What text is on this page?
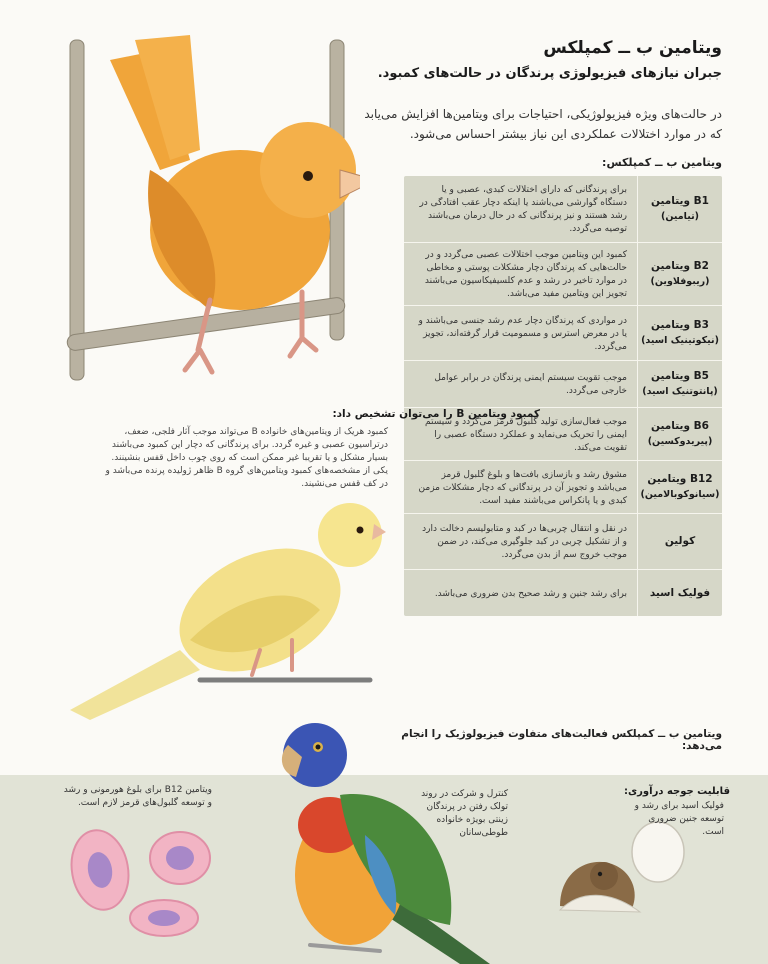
ویتامین ب ــ کمپلکس
جبران نیازهای فیزیولوژی پرندگان در حالت‌های کمبود.
در حالت‌های ویژه فیزیولوژیکی، احتیاجات برای ویتامین‌ها افزایش می‌یابد که در موارد اختلالات عملکردی این نیاز بیشتر احساس می‌شود.
ویتامین ب ــ کمپلکس:
برای پرندگانی که دارای اختلالات کبدی، عصبی و یا دستگاه گوارشی می‌باشند یا اینکه دچار عقب افتادگی در رشد هستند و نیز پرندگانی که در حال درمان می‌باشند توصیه می‌گردد.
ویتامین B1
(تیامین)
کمبود این ویتامین موجب اختلالات عصبی می‌گردد و در حالت‌هایی که پرندگان دچار مشکلات پوستی و مخاطی در موارد تاخیر در رشد و عدم کلسیفیکاسیون می‌باشند تجویز این ویتامین مفید می‌باشد.
ویتامین B2
(ریبوفلاوین)
در مواردی که پرندگان دچار عدم رشد جنسی می‌باشند و یا در معرض استرس و مسمومیت قرار گرفته‌اند، تجویز می‌گردد.
ویتامین B3
(نیکوتینیک اسید)
موجب تقویت سیستم ایمنی پرندگان در برابر عوامل خارجی می‌گردد.
ویتامین B5
(پانتوتنیک اسید)
موجب فعال‌سازی تولید گلبول قرمز می‌گردد و سیستم ایمنی را تحریک می‌نماید و عملکرد دستگاه عصبی را تقویت می‌کند.
ویتامین B6
(پیریدوکسین)
مشوق رشد و بازسازی بافت‌ها و بلوغ گلبول قرمز می‌باشد و تجویز آن در پرندگانی که دچار مشکلات مزمن کبدی و یا پانکراس می‌باشند مفید است.
ویتامین B12
(سیانوکوبالامین)
در نقل و انتقال چربی‌ها در کبد و متابولیسم دخالت دارد و از تشکیل چربی در کبد جلوگیری می‌کند، در ضمن موجب خروج سم از بدن می‌گردد.
کولین
برای رشد جنین و رشد صحیح بدن ضروری می‌باشد.	فولیک اسید
کمبود ویتامین B را می‌توان تشخیص داد:
کمبود هریک از ویتامین‌های خانواده B می‌تواند موجب آثار فلجی، ضعف، درتراسیون عصبی و غیره گردد. برای پرندگانی که دچار این کمبود می‌باشند بسیار مشکل و یا تقریبا غیر ممکن است که روی چوب داخل قفس بنشینند. یکی از مشخصه‌های کمبود ویتامین‌های گروه B ظاهر ژولیده پرنده می‌باشد و در کف قفس می‌نشیند.
ویتامین ب ــ کمپلکس فعالیت‌های متفاوت فیزیولوژیک را انجام می‌دهد:
ویتامین B12 برای بلوغ هورمونی و رشد و توسعه گلبول‌های قرمز لازم است.
کنترل و شرکت در روند تولک رفتن در پرندگان زینتی بویژه خانواده طوطی‌سانان
قابلیت جوجه درآوری:
فولیک اسید برای رشد و توسعه جنین ضروری است.
